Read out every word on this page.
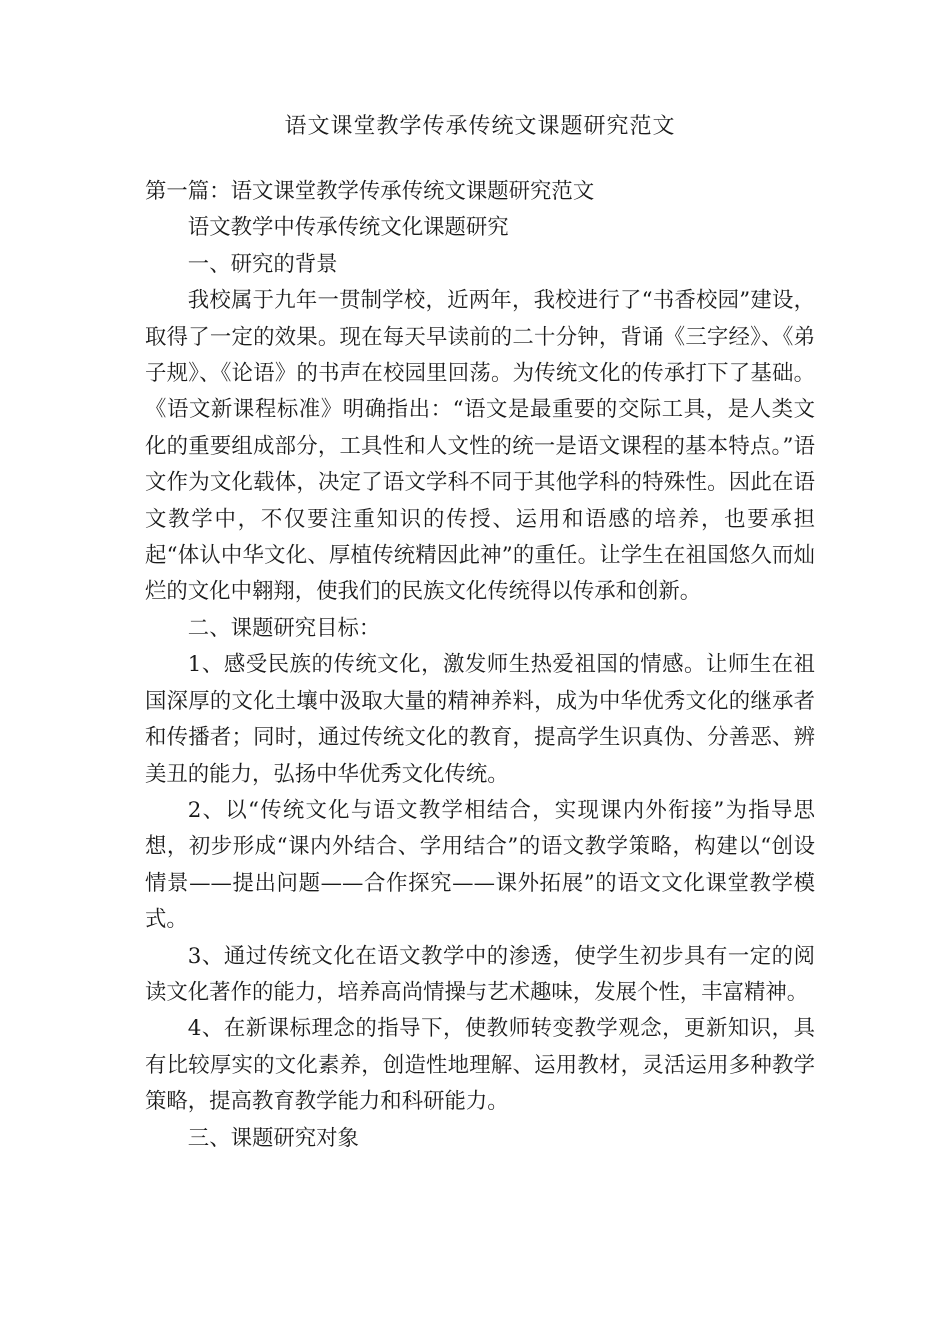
语文课堂教学传承传统文课题研究范文

第一篇：语文课堂教学传承传统文课题研究范文

语文教学中传承传统文化课题研究

一、研究的背景

我校属于九年一贯制学校，近两年，我校进行了“书香校园”建设，取得了一定的效果。现在每天早读前的二十分钟，背诵《三字经》、《弟子规》、《论语》的书声在校园里回荡。为传统文化的传承打下了基础。《语文新课程标准》明确指出：“语文是最重要的交际工具，是人类文化的重要组成部分，工具性和人文性的统一是语文课程的基本特点。”语文作为文化载体，决定了语文学科不同于其他学科的特殊性。因此在语文教学中，不仅要注重知识的传授、运用和语感的培养，也要承担起“体认中华文化、厚植传统精因此神”的重任。让学生在祖国悠久而灿烂的文化中翱翔，使我们的民族文化传统得以传承和创新。

二、课题研究目标：

1、感受民族的传统文化，激发师生热爱祖国的情感。让师生在祖国深厚的文化土壤中汲取大量的精神养料，成为中华优秀文化的继承者和传播者；同时，通过传统文化的教育，提高学生识真伪、分善恶、辨美丑的能力，弘扬中华优秀文化传统。

2、以“传统文化与语文教学相结合，实现课内外衔接”为指导思想，初步形成“课内外结合、学用结合”的语文教学策略，构建以“创设情景——提出问题——合作探究——课外拓展”的语文文化课堂教学模式。

3、通过传统文化在语文教学中的渗透，使学生初步具有一定的阅读文化著作的能力，培养高尚情操与艺术趣味，发展个性，丰富精神。

4、在新课标理念的指导下，使教师转变教学观念，更新知识，具有比较厚实的文化素养，创造性地理解、运用教材，灵活运用多种教学策略，提高教育教学能力和科研能力。

三、课题研究对象
